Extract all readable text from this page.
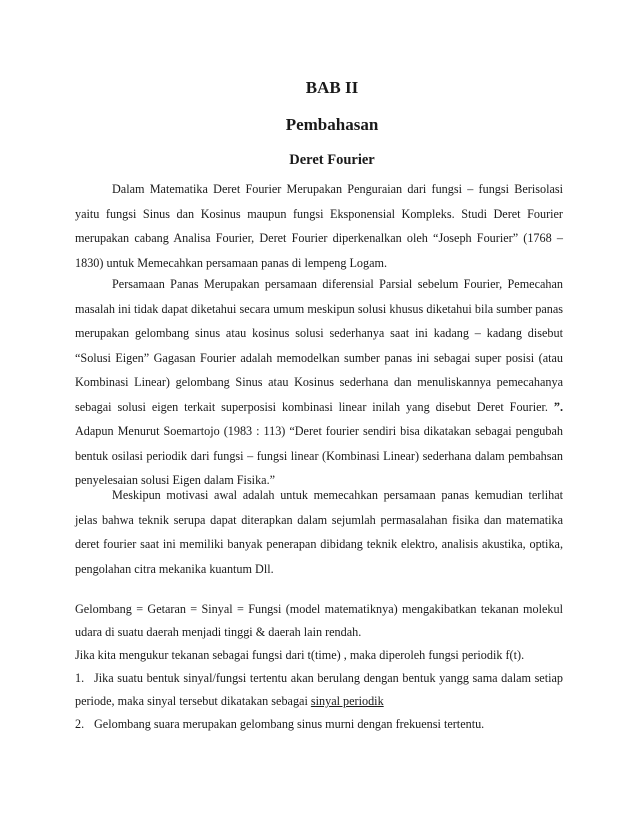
BAB II
Pembahasan
Deret Fourier

Dalam Matematika Deret Fourier Merupakan Penguraian dari fungsi – fungsi Berisolasi yaitu fungsi Sinus dan Kosinus maupun fungsi Eksponensial Kompleks. Studi Deret Fourier merupakan cabang Analisa Fourier, Deret Fourier diperkenalkan oleh “Joseph Fourier” (1768 – 1830) untuk Memecahkan persamaan panas di lempeng Logam.

Persamaan Panas Merupakan persamaan diferensial Parsial sebelum Fourier, Pemecahan masalah ini tidak dapat diketahui secara umum meskipun solusi khusus diketahui bila sumber panas merupakan gelombang sinus atau kosinus solusi sederhanya saat ini kadang – kadang disebut “Solusi Eigen” Gagasan Fourier adalah memodelkan sumber panas ini sebagai super posisi (atau Kombinasi Linear) gelombang Sinus atau Kosinus sederhana dan menuliskannya pemecahanya sebagai solusi eigen terkait superposisi kombinasi linear inilah yang disebut Deret Fourier. ”. Adapun Menurut Soemartojo (1983 : 113) “Deret fourier sendiri bisa dikatakan sebagai pengubah bentuk osilasi periodik dari fungsi – fungsi linear (Kombinasi Linear) sederhana dalam pembahsan penyelesaian solusi Eigen dalam Fisika.”

Meskipun motivasi awal adalah untuk memecahkan persamaan panas kemudian terlihat jelas bahwa teknik serupa dapat diterapkan dalam sejumlah permasalahan fisika dan matematika deret fourier saat ini memiliki banyak penerapan dibidang teknik elektro, analisis akustika, optika, pengolahan citra mekanika kuantum Dll.

Gelombang = Getaran = Sinyal = Fungsi (model matematiknya) mengakibatkan tekanan molekul udara di suatu daerah menjadi tinggi & daerah lain rendah.
Jika kita mengukur tekanan sebagai fungsi dari t(time) , maka diperoleh fungsi periodik f(t).
1. Jika suatu bentuk sinyal/fungsi tertentu akan berulang dengan bentuk yangg sama dalam setiap periode, maka sinyal tersebut dikatakan sebagai sinyal periodik
2. Gelombang suara merupakan gelombang sinus murni dengan frekuensi tertentu.
